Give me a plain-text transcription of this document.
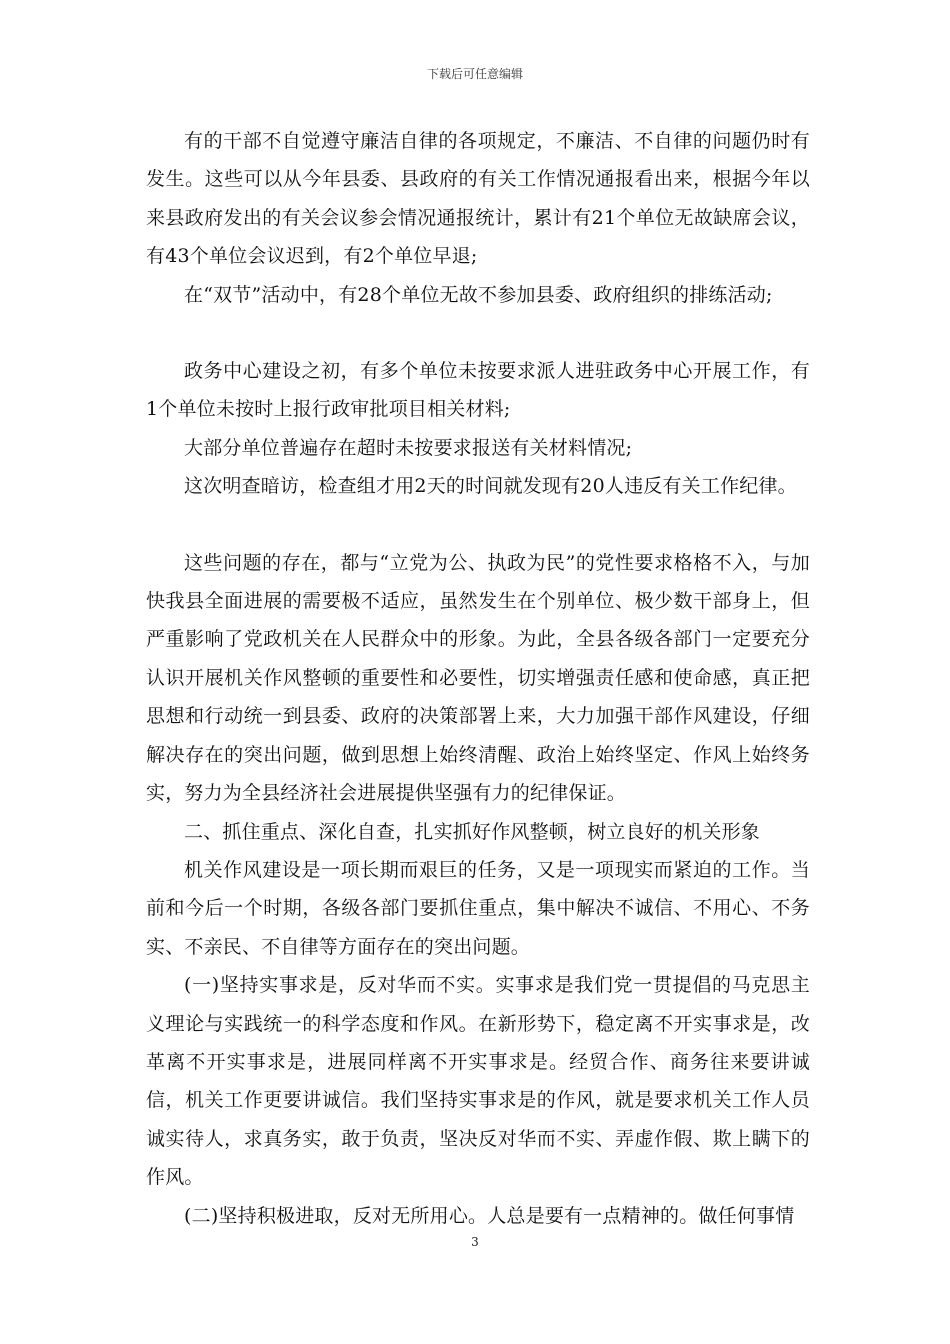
下载后可任意编辑

有的干部不自觉遵守廉洁自律的各项规定，不廉洁、不自律的问题仍时有发生。这些可以从今年县委、县政府的有关工作情况通报看出来，根据今年以来县政府发出的有关会议参会情况通报统计，累计有21个单位无故缺席会议，有43个单位会议迟到，有2个单位早退;

在“双节”活动中，有28个单位无故不参加县委、政府组织的排练活动;

政务中心建设之初，有多个单位未按要求派人进驻政务中心开展工作，有1个单位未按时上报行政审批项目相关材料;

大部分单位普遍存在超时未按要求报送有关材料情况;

这次明查暗访，检查组才用2天的时间就发现有20人违反有关工作纪律。

这些问题的存在，都与“立党为公、执政为民”的党性要求格格不入，与加快我县全面进展的需要极不适应，虽然发生在个别单位、极少数干部身上，但严重影响了党政机关在人民群众中的形象。为此，全县各级各部门一定要充分认识开展机关作风整顿的重要性和必要性，切实增强责任感和使命感，真正把思想和行动统一到县委、政府的决策部署上来，大力加强干部作风建设，仔细解决存在的突出问题，做到思想上始终清醒、政治上始终坚定、作风上始终务实，努力为全县经济社会进展提供坚强有力的纪律保证。

二、抓住重点、深化自查，扎实抓好作风整顿，树立良好的机关形象

机关作风建设是一项长期而艰巨的任务，又是一项现实而紧迫的工作。当前和今后一个时期，各级各部门要抓住重点，集中解决不诚信、不用心、不务实、不亲民、不自律等方面存在的突出问题。

(一)坚持实事求是，反对华而不实。实事求是我们党一贯提倡的马克思主义理论与实践统一的科学态度和作风。在新形势下，稳定离不开实事求是，改革离不开实事求是，进展同样离不开实事求是。经贸合作、商务往来要讲诚信，机关工作更要讲诚信。我们坚持实事求是的作风，就是要求机关工作人员诚实待人，求真务实，敢于负责，坚决反对华而不实、弄虚作假、欺上瞒下的作风。

(二)坚持积极进取，反对无所用心。人总是要有一点精神的。做任何事情

3
